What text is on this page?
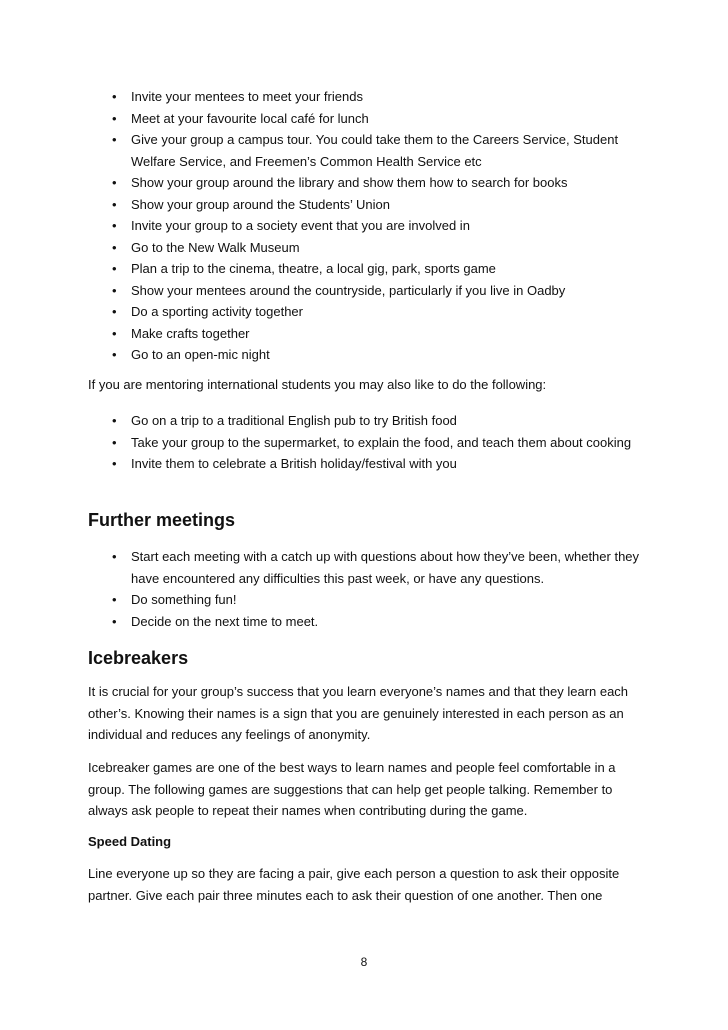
• Invite your mentees to meet your friends
• Meet at your favourite local café for lunch
• Give your group a campus tour. You could take them to the Careers Service, Student Welfare Service, and Freemen’s Common Health Service etc
• Show your group around the library and show them how to search for books
• Show your group around the Students’ Union
• Invite your group to a society event that you are involved in
• Go to the New Walk Museum
• Plan a trip to the cinema, theatre, a local gig, park, sports game
• Show your mentees around the countryside, particularly if you live in Oadby
• Do a sporting activity together
• Make crafts together
• Go to an open-mic night

If you are mentoring international students you may also like to do the following:

• Go on a trip to a traditional English pub to try British food
• Take your group to the supermarket, to explain the food, and teach them about cooking
• Invite them to celebrate a British holiday/festival with you
Further meetings
• Start each meeting with a catch up with questions about how they’ve been, whether they have encountered any difficulties this past week, or have any questions.
• Do something fun!
• Decide on the next time to meet.
Icebreakers

It is crucial for your group’s success that you learn everyone’s names and that they learn each other’s. Knowing their names is a sign that you are genuinely interested in each person as an individual and reduces any feelings of anonymity.

Icebreaker games are one of the best ways to learn names and people feel comfortable in a group. The following games are suggestions that can help get people talking. Remember to always ask people to repeat their names when contributing during the game.

Speed Dating

Line everyone up so they are facing a pair, give each person a question to ask their opposite partner. Give each pair three minutes each to ask their question of one another. Then one

8
